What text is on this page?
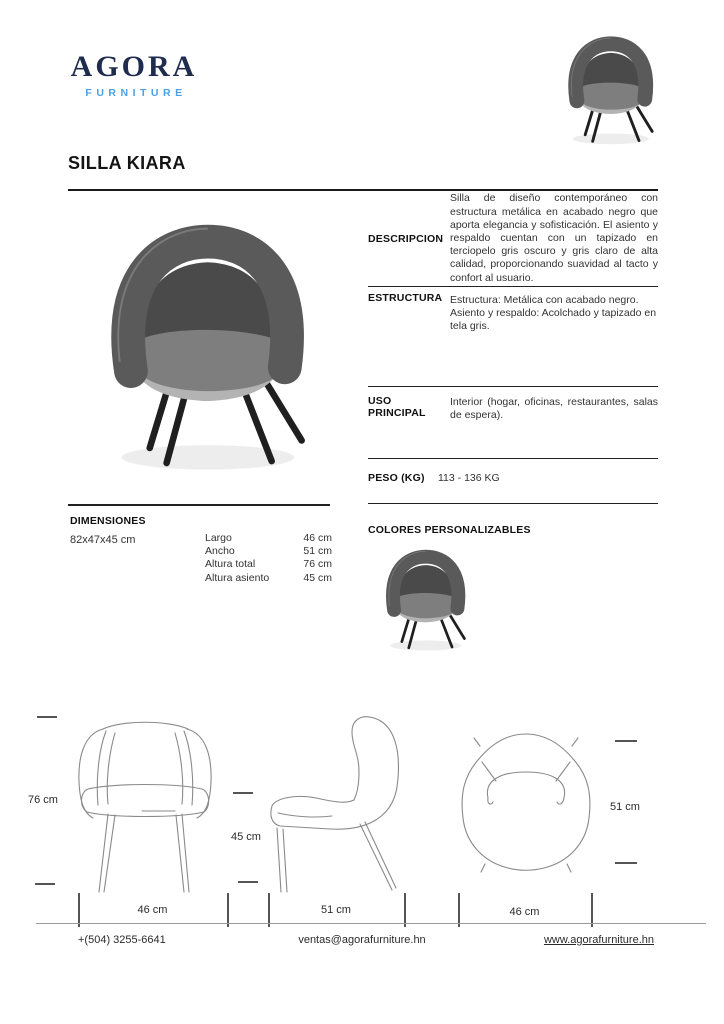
AGORA
FURNITURE
SILLA KIARA
DESCRIPCION
Silla de diseño contemporáneo con estructura metálica en acabado negro que aporta elegancia y sofisticación. El asiento y respaldo cuentan con un tapizado en terciopelo gris oscuro y gris claro de alta calidad, proporcionando suavidad al tacto y confort al usuario.
ESTRUCTURA Estructura: Metálica con acabado negro. Asiento y respaldo: Acolchado y tapizado en tela gris.
USO PRINCIPAL
Interior (hogar, oficinas, restaurantes, salas de espera).
PESO (KG)	113 - 136 KG
DIMENSIONES
82x47x45 cm	Largo	46 cm
Ancho	51 cm
Altura total	76 cm
Altura asiento	45 cm
COLORES PERSONALIZABLES
76 cm
45 cm
51 cm
46 cm	51 cm	46 cm
+(504) 3255-6641	ventas@agorafurniture.hn	www.agorafurniture.hn
